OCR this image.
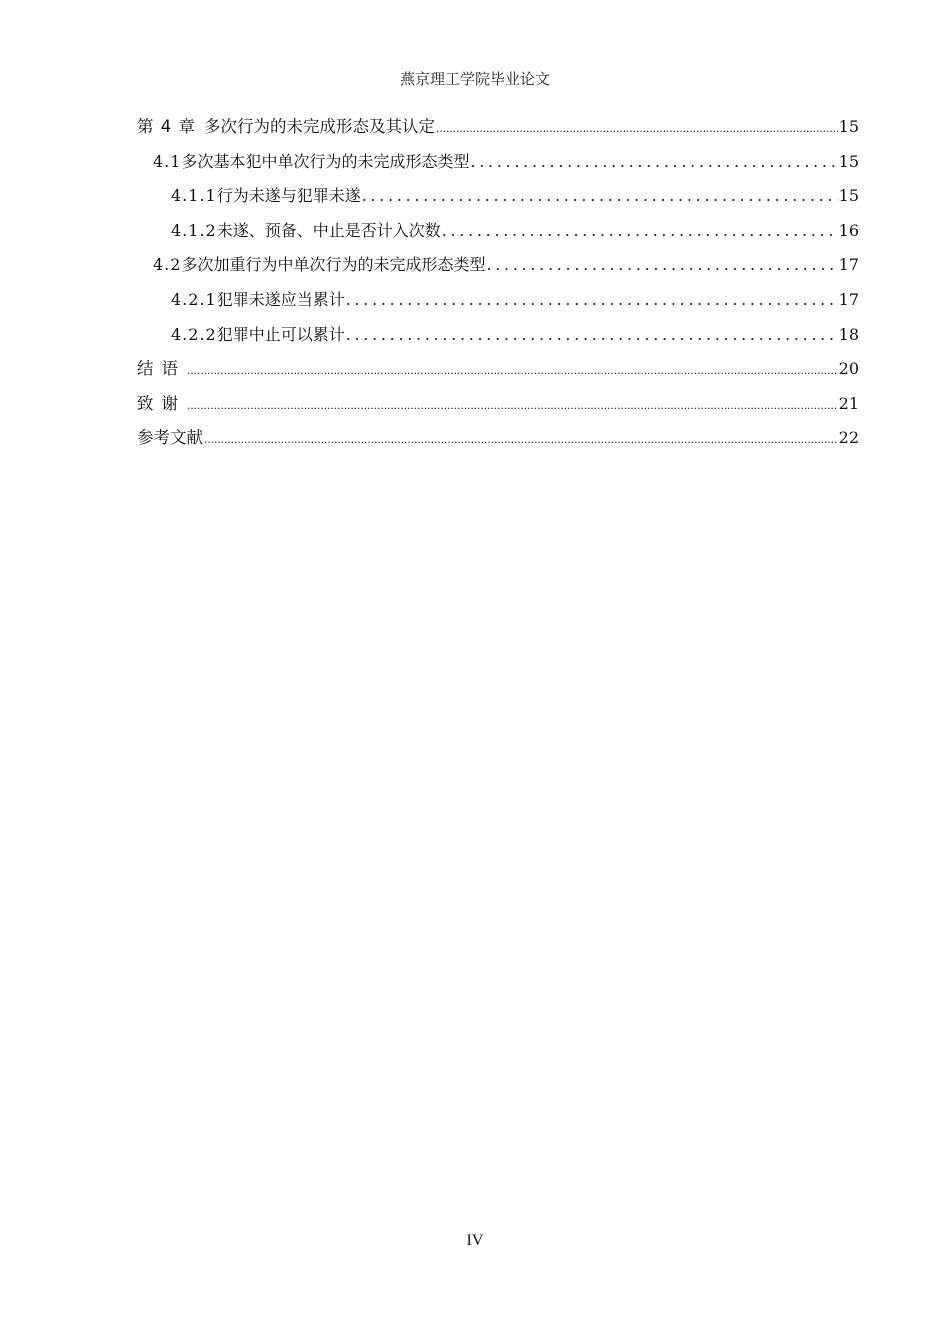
燕京理工学院毕业论文
第 4 章 多次行为的未完成形态及其认定 .....	15
4.1 多次基本犯中单次行为的未完成形态类型 .....	15
4.1.1 行为未遂与犯罪未遂 .....	15
4.1.2 未遂、预备、中止是否计入次数 .....	16
4.2 多次加重行为中单次行为的未完成形态类型 .....	17
4.2.1 犯罪未遂应当累计 .....	17
4.2.2 犯罪中止可以累计 .....	18
结语 .....	20
致谢 .....	21
参考文献 .....	22
IV
